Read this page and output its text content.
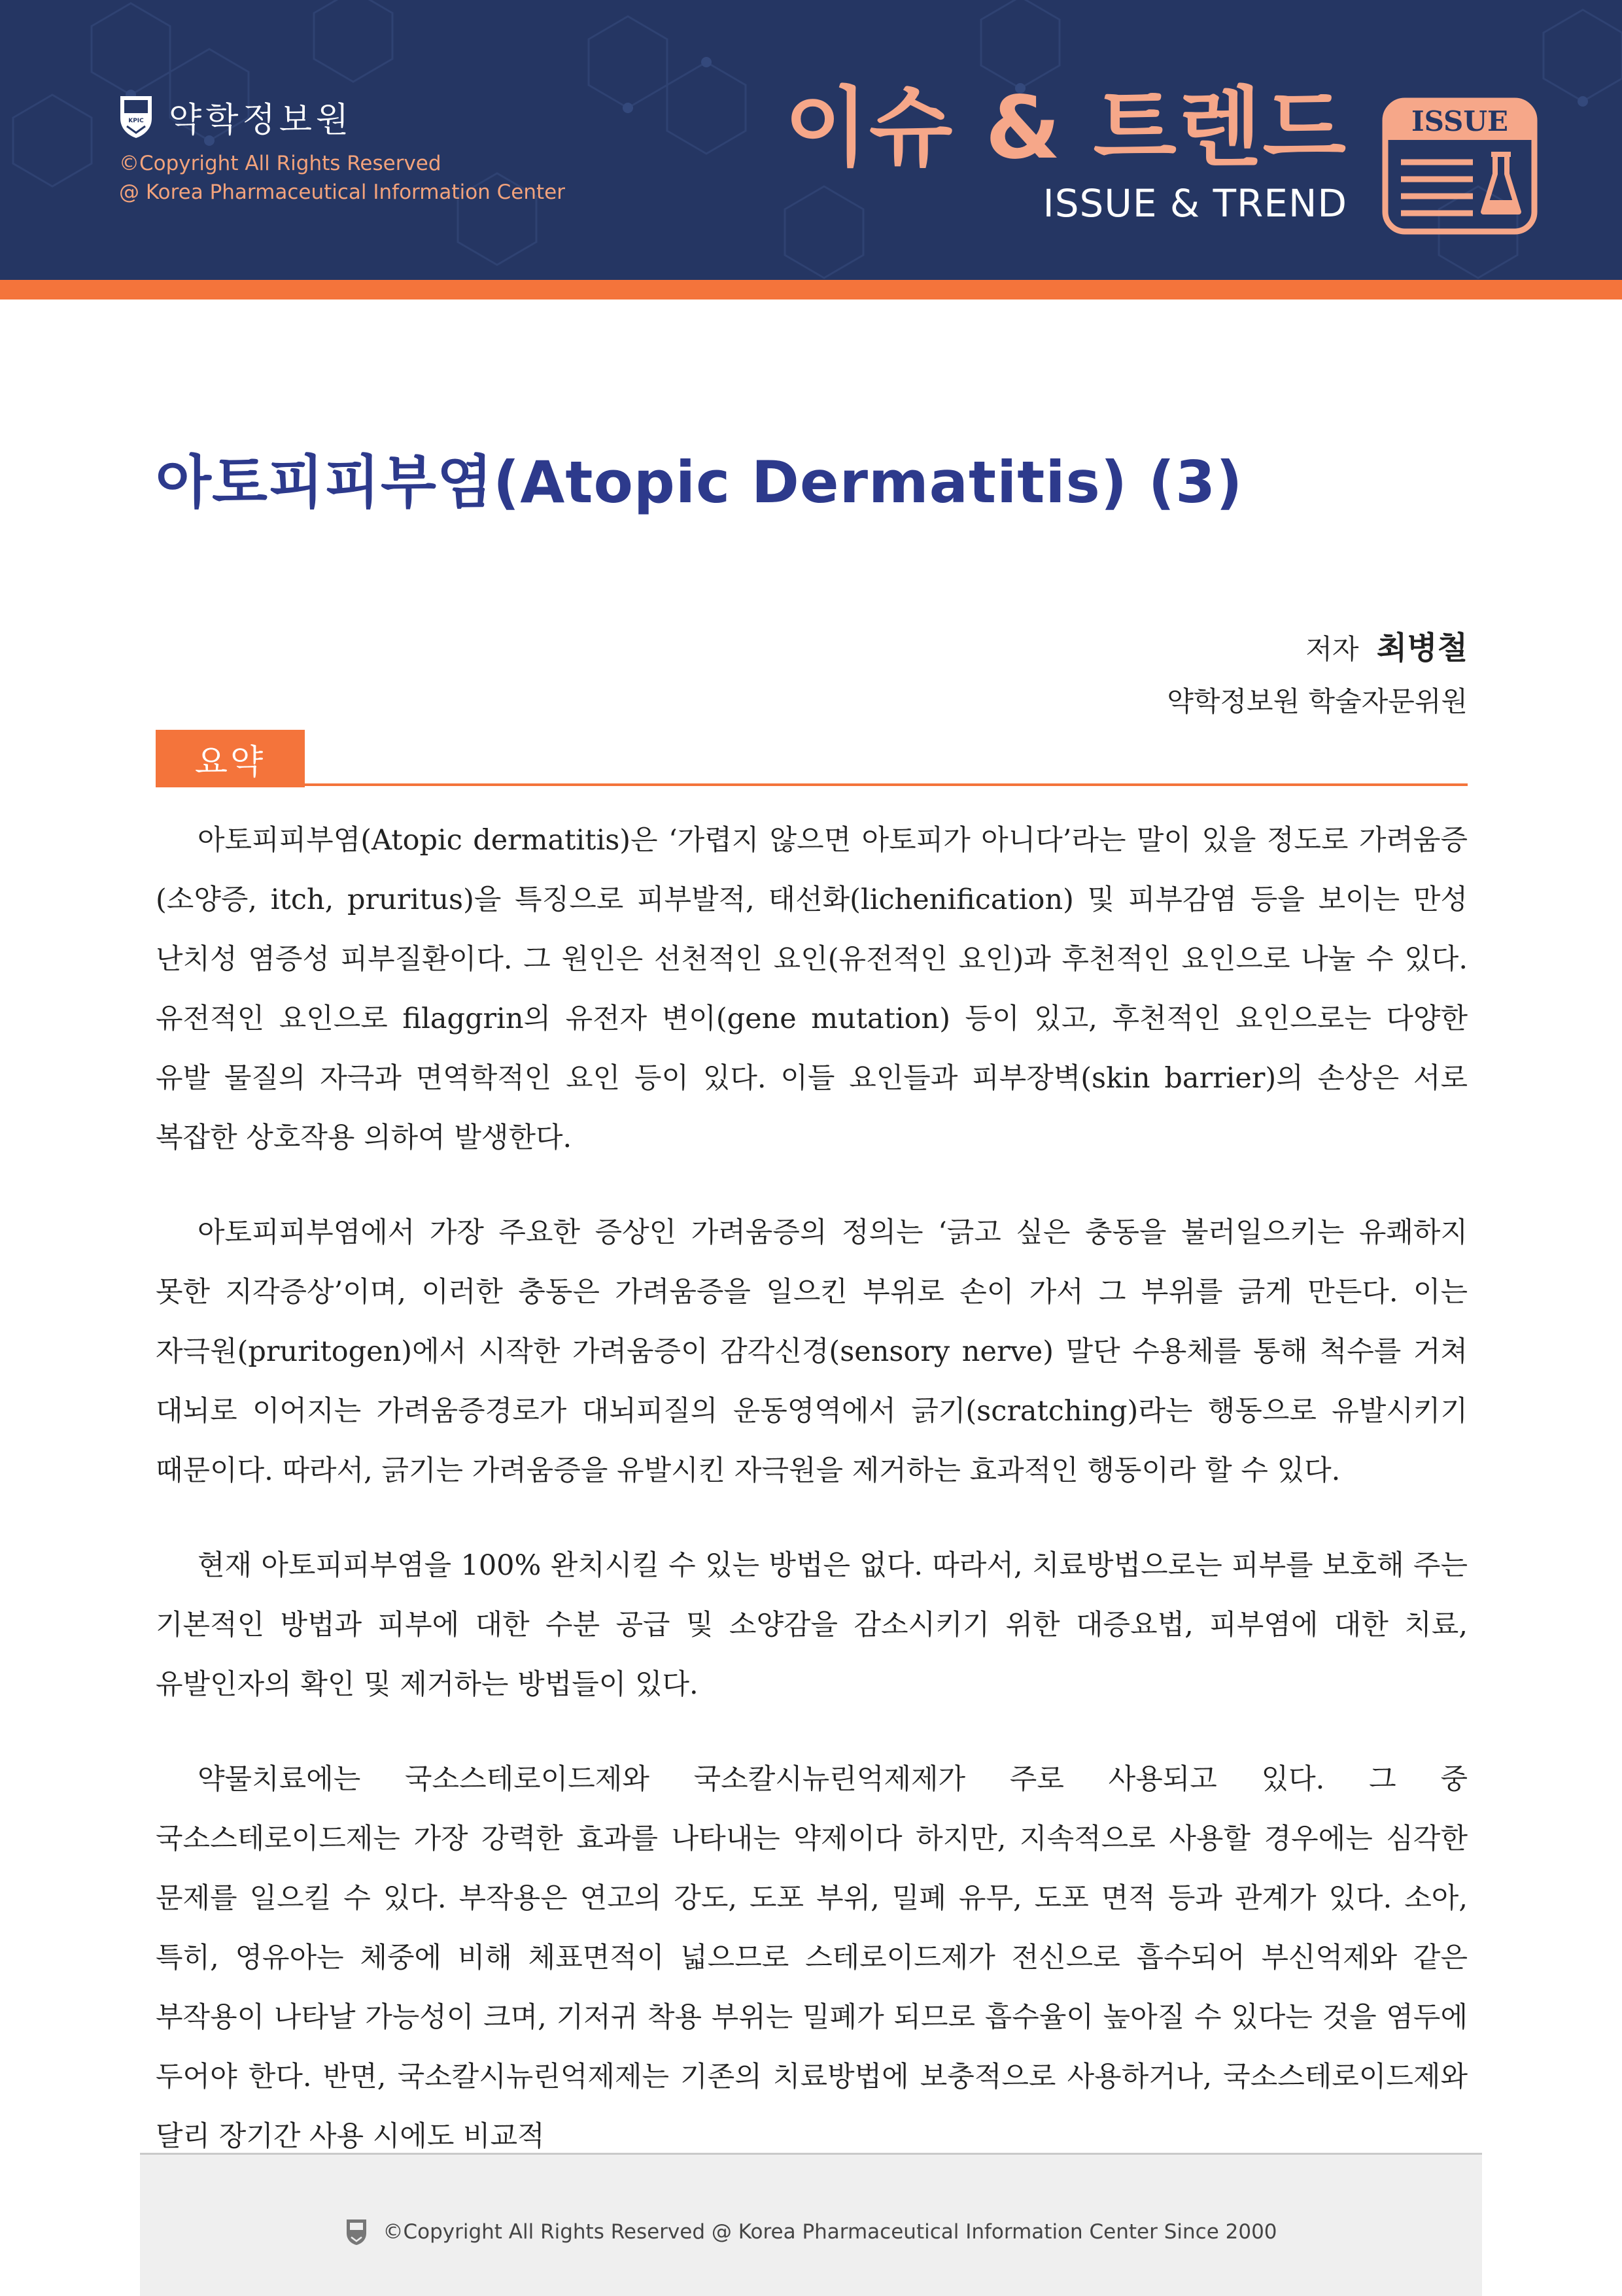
KPIC 약학정보원
©Copyright All Rights Reserved
@ Korea Pharmaceutical Information Center
이슈 & 트렌드
ISSUE & TREND
ISSUE
아토피피부염(Atopic Dermatitis) (3)
저자 최병철
약학정보원 학술자문위원
요약

아토피피부염(Atopic dermatitis)은 ‘가렵지 않으면 아토피가 아니다’라는 말이 있을 정도로 가려움증(소양증, itch, pruritus)을 특징으로 피부발적, 태선화(lichenification) 및 피부감염 등을 보이는 만성 난치성 염증성 피부질환이다. 그 원인은 선천적인 요인(유전적인 요인)과 후천적인 요인으로 나눌 수 있다. 유전적인 요인으로 filaggrin의 유전자 변이(gene mutation) 등이 있고, 후천적인 요인으로는 다양한 유발 물질의 자극과 면역학적인 요인 등이 있다. 이들 요인들과 피부장벽(skin barrier)의 손상은 서로 복잡한 상호작용 의하여 발생한다.

아토피피부염에서 가장 주요한 증상인 가려움증의 정의는 ‘긁고 싶은 충동을 불러일으키는 유쾌하지 못한 지각증상’이며, 이러한 충동은 가려움증을 일으킨 부위로 손이 가서 그 부위를 긁게 만든다. 이는 자극원(pruritogen)에서 시작한 가려움증이 감각신경(sensory nerve) 말단 수용체를 통해 척수를 거쳐 대뇌로 이어지는 가려움증경로가 대뇌피질의 운동영역에서 긁기(scratching)라는 행동으로 유발시키기 때문이다. 따라서, 긁기는 가려움증을 유발시킨 자극원을 제거하는 효과적인 행동이라 할 수 있다.

현재 아토피피부염을 100% 완치시킬 수 있는 방법은 없다. 따라서, 치료방법으로는 피부를 보호해 주는 기본적인 방법과 피부에 대한 수분 공급 및 소양감을 감소시키기 위한 대증요법, 피부염에 대한 치료, 유발인자의 확인 및 제거하는 방법들이 있다.

약물치료에는 국소스테로이드제와 국소칼시뉴린억제제가 주로 사용되고 있다. 그 중 국소스테로이드제는 가장 강력한 효과를 나타내는 약제이다 하지만, 지속적으로 사용할 경우에는 심각한 문제를 일으킬 수 있다. 부작용은 연고의 강도, 도포 부위, 밀폐 유무, 도포 면적 등과 관계가 있다. 소아, 특히, 영유아는 체중에 비해 체표면적이 넓으므로 스테로이드제가 전신으로 흡수되어 부신억제와 같은 부작용이 나타날 가능성이 크며, 기저귀 착용 부위는 밀폐가 되므로 흡수율이 높아질 수 있다는 것을 염두에 두어야 한다. 반면, 국소칼시뉴린억제제는 기존의 치료방법에 보충적으로 사용하거나, 국소스테로이드제와 달리 장기간 사용 시에도 비교적

©Copyright All Rights Reserved @ Korea Pharmaceutical Information Center Since 2000
